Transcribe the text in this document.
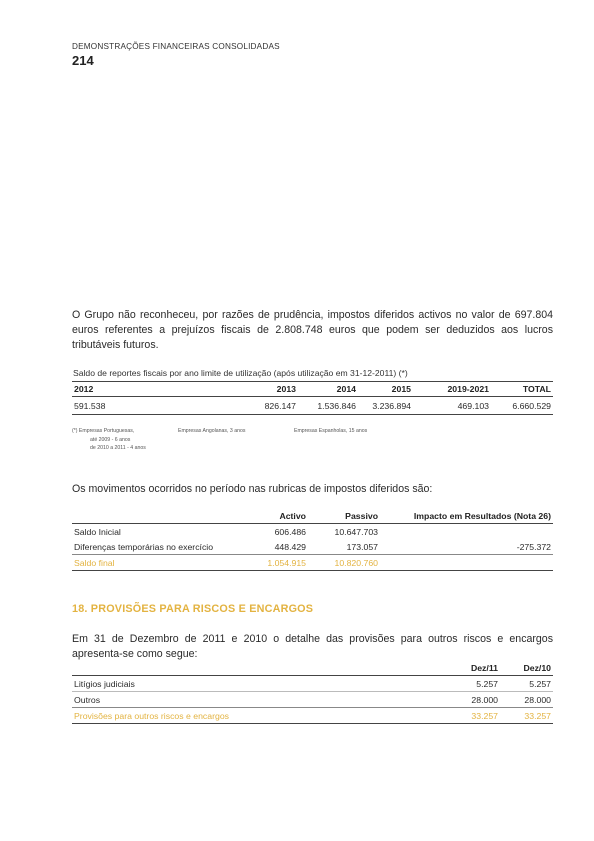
DEMONSTRAÇÕES FINANCEIRAS CONSOLIDADAS
214
O Grupo não reconheceu, por razões de prudência, impostos diferidos activos no valor de 697.804 euros referentes a prejuízos fiscais de 2.808.748 euros que podem ser deduzidos aos lucros tributáveis futuros.
Saldo de reportes fiscais por ano limite de utilização (após utilização em 31-12-2011) (*)
2012	2013	2014	2015	2019-2021	TOTAL
591.538	826.147	1.536.846	3.236.894	469.103	6.660.529
(*) Empresas Portuguesas,
até 2009 - 6 anos
de 2010 a 2011 - 4 anos
Empresas Angolanas, 3 anos	Empresas Espanholas, 15 anos
Os movimentos ocorridos no período nas rubricas de impostos diferidos são:
	Activo	Passivo	Impacto em Resultados (Nota 26)
Saldo Inicial	606.486	10.647.703	
Diferenças temporárias no exercício	448.429	173.057	-275.372
Saldo final	1.054.915	10.820.760	
18. PROVISÕES PARA RISCOS E ENCARGOS
Em 31 de Dezembro de 2011 e 2010 o detalhe das provisões para outros riscos e encargos apresenta-se como segue:
	Dez/11	Dez/10
Litígios judiciais	5.257	5.257
Outros	28.000	28.000
Provisões para outros riscos e encargos	33.257	33.257
